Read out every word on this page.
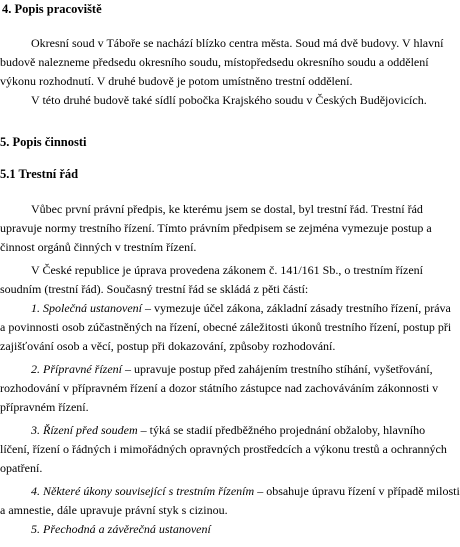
4. Popis pracoviště
Okresní soud v Táboře se nachází blízko centra města. Soud má dvě budovy. V hlavní
budově nalezneme předsedu okresního soudu, místopředsedu okresního soudu a oddělení
výkonu rozhodnutí. V druhé budově je potom umístněno trestní oddělení.
V této druhé budově také sídlí pobočka Krajského soudu v Českých Budějovicích.
5. Popis činnosti
5.1 Trestní řád
Vůbec první právní předpis, ke kterému jsem se dostal, byl trestní řád. Trestní řád
upravuje normy trestního řízení. Tímto právním předpisem se zejména vymezuje postup a
činnost orgánů činných v trestním řízení.
V České republice je úprava provedena zákonem č. 141/161 Sb., o trestním řízení
soudním (trestní řád). Současný trestní řád se skládá z pěti částí:
1. Společná ustanovení – vymezuje účel zákona, základní zásady trestního řízení, práva
a povinnosti osob zúčastněných na řízení, obecné záležitosti úkonů trestního řízení, postup při
zajišťování osob a věcí, postup při dokazování, způsoby rozhodování.
2. Přípravné řízení – upravuje postup před zahájením trestního stíhání, vyšetřování,
rozhodování v přípravném řízení a dozor státního zástupce nad zachováváním zákonnosti v
přípravném řízení.
3. Řízení před soudem – týká se stadií předběžného projednání obžaloby, hlavního
líčení, řízení o řádných i mimořádných opravných prostředcích a výkonu trestů a ochranných
opatření.
4. Některé úkony související s trestním řízením – obsahuje úpravu řízení v případě milosti
a amnestie, dále upravuje právní styk s cizinou.
5. Přechodná a závěrečná ustanovení
